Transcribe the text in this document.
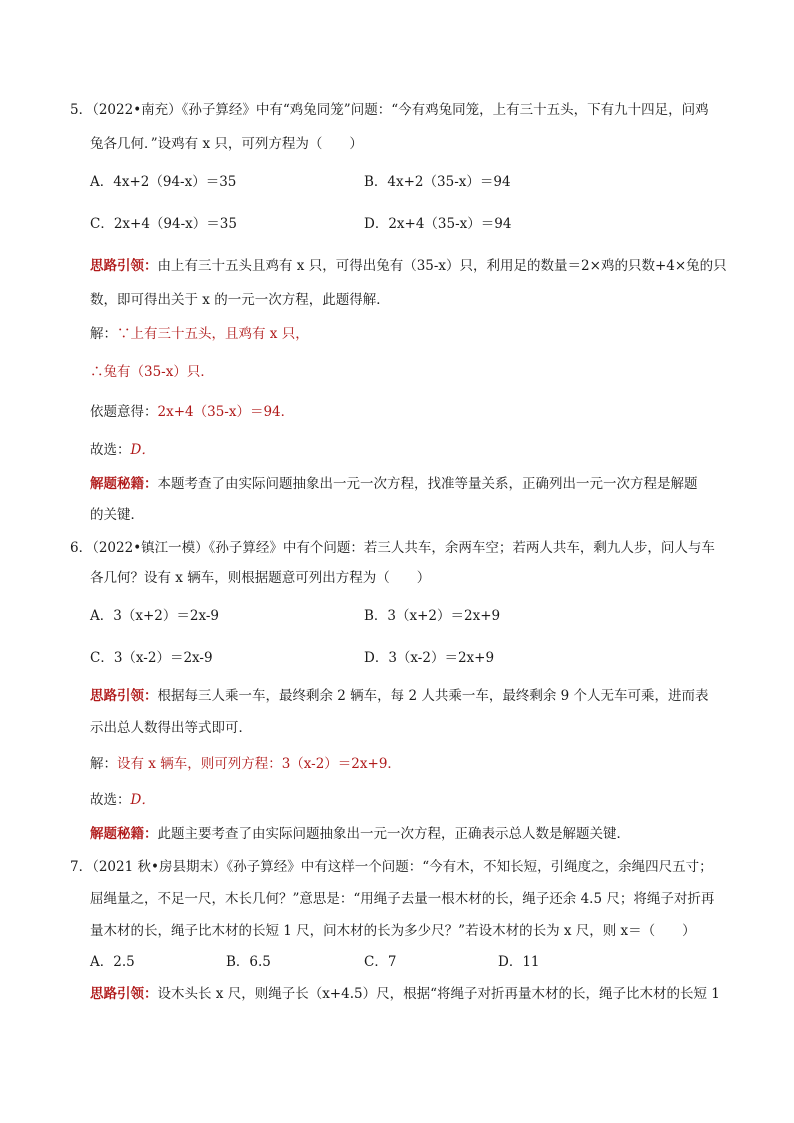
5．（2022•南充）《孙子算经》中有“鸡兔同笼”问题：“今有鸡兔同笼，上有三十五头，下有九十四足，问鸡
兔各几何．”设鸡有 x 只，可列方程为（　　）
A．4x+2（94-x）＝35	B．4x+2（35-x）＝94
C．2x+4（94-x）＝35	D．2x+4（35-x）＝94
思路引领：由上有三十五头且鸡有 x 只，可得出兔有（35-x）只，利用足的数量＝2×鸡的只数+4×兔的只
数，即可得出关于 x 的一元一次方程，此题得解．
解：∵上有三十五头，且鸡有 x 只，
∴兔有（35-x）只．
依题意得：2x+4（35-x）＝94．
故选：D．
解题秘籍：本题考查了由实际问题抽象出一元一次方程，找准等量关系，正确列出一元一次方程是解题
的关键．
6．（2022•镇江一模）《孙子算经》中有个问题：若三人共车，余两车空；若两人共车，剩九人步，问人与车
各几何？设有 x 辆车，则根据题意可列出方程为（　　）
A．3（x+2）＝2x-9	B．3（x+2）＝2x+9
C．3（x-2）＝2x-9	D．3（x-2）＝2x+9
思路引领：根据每三人乘一车，最终剩余 2 辆车，每 2 人共乘一车，最终剩余 9 个人无车可乘，进而表
示出总人数得出等式即可．
解：设有 x 辆车，则可列方程：3（x-2）＝2x+9．
故选：D．
解题秘籍：此题主要考查了由实际问题抽象出一元一次方程，正确表示总人数是解题关键．
7．（2021 秋•房县期末）《孙子算经》中有这样一个问题：“今有木，不知长短，引绳度之，余绳四尺五寸；
屈绳量之，不足一尺，木长几何？”意思是：“用绳子去量一根木材的长，绳子还余 4.5 尺；将绳子对折再
量木材的长，绳子比木材的长短 1 尺，问木材的长为多少尺？”若设木材的长为 x 尺，则 x＝（　　）
A．2.5	B．6.5	C．7	D．11
思路引领：设木头长 x 尺，则绳子长（x+4.5）尺，根据“将绳子对折再量木材的长，绳子比木材的长短 1
